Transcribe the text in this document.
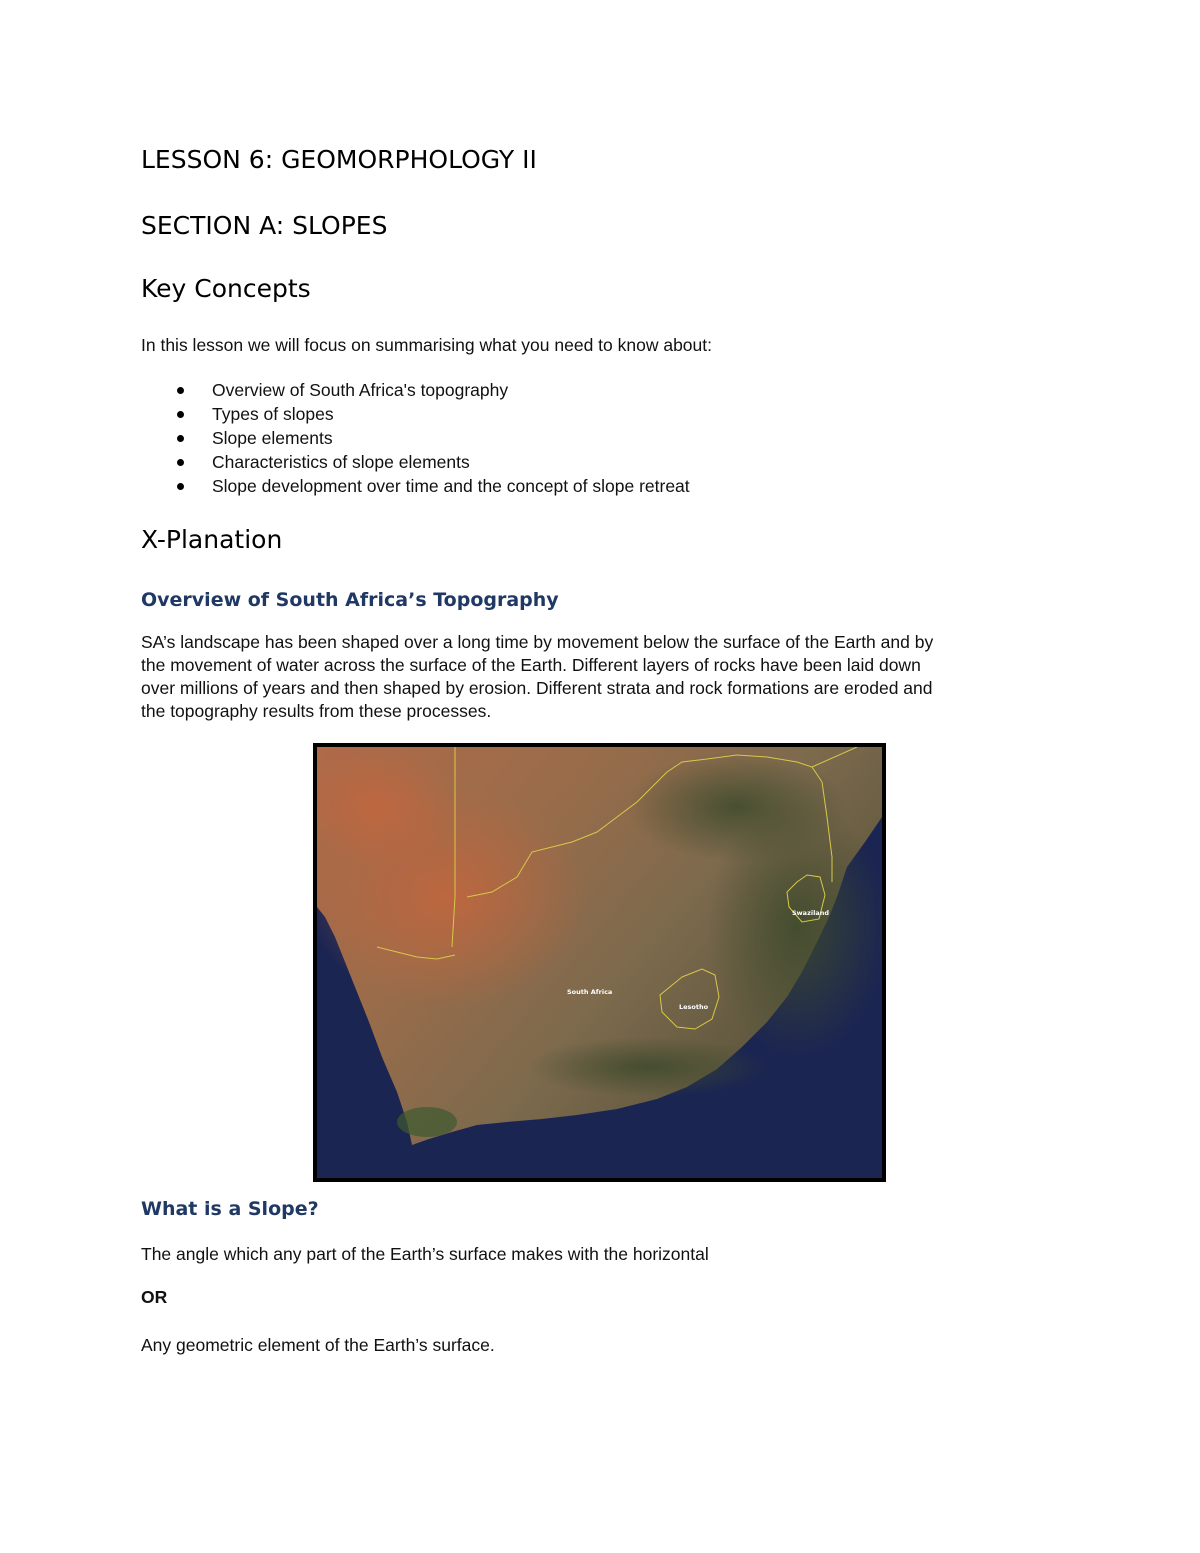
LESSON 6: GEOMORPHOLOGY II
SECTION A: SLOPES
Key Concepts
In this lesson we will focus on summarising what you need to know about:
Overview of South Africa's topography
Types of slopes
Slope elements
Characteristics of slope elements
Slope development over time and the concept of slope retreat
X-Planation
Overview of South Africa’s Topography
SA’s landscape has been shaped over a long time by movement below the surface of the Earth and by
the movement of water across the surface of the Earth. Different layers of rocks have been laid down
over millions of years and then shaped by erosion. Different strata and rock formations are eroded and
the topography results from these processes.
South Africa
Lesotho
Swaziland
What is a Slope?
The angle which any part of the Earth’s surface makes with the horizontal
OR
Any geometric element of the Earth’s surface.
